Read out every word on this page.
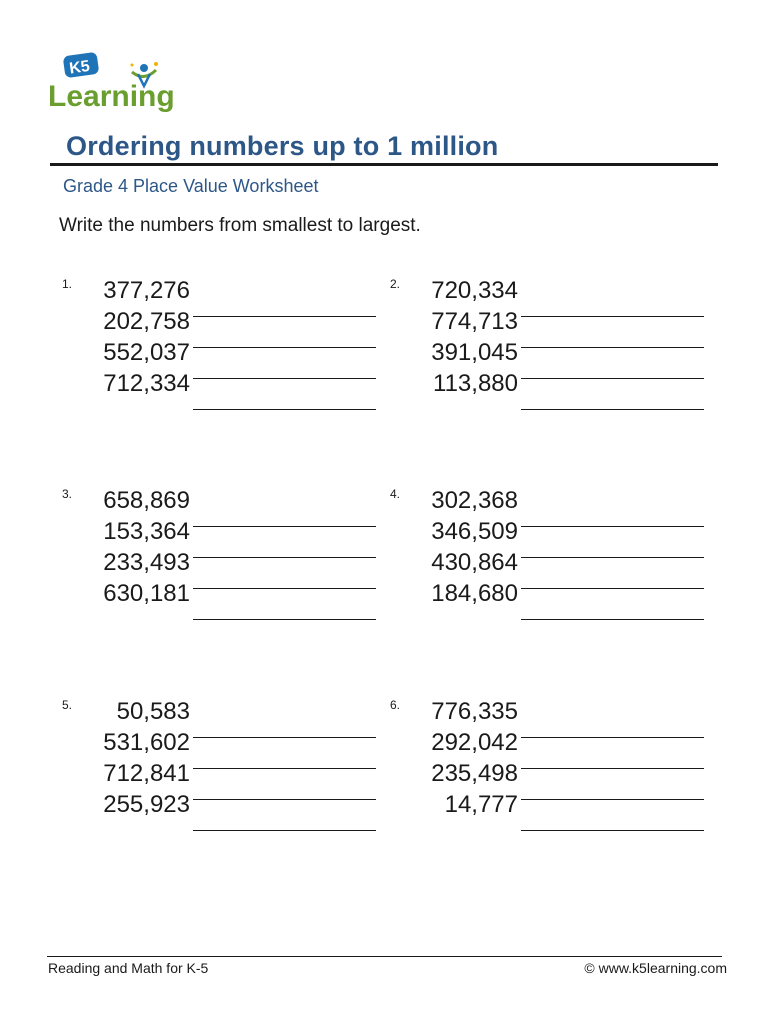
K5
Learning
Ordering numbers up to 1 million
Grade 4 Place Value Worksheet
Write the numbers from smallest to largest.
1.	377,276
202,758
552,037
712,334
2.	720,334
774,713
391,045
113,880
3.	658,869
153,364
233,493
630,181
4.	302,368
346,509
430,864
184,680
5.	50,583
531,602
712,841
255,923
6.	776,335
292,042
235,498
14,777
Reading and Math for K-5	© www.k5learning.com
